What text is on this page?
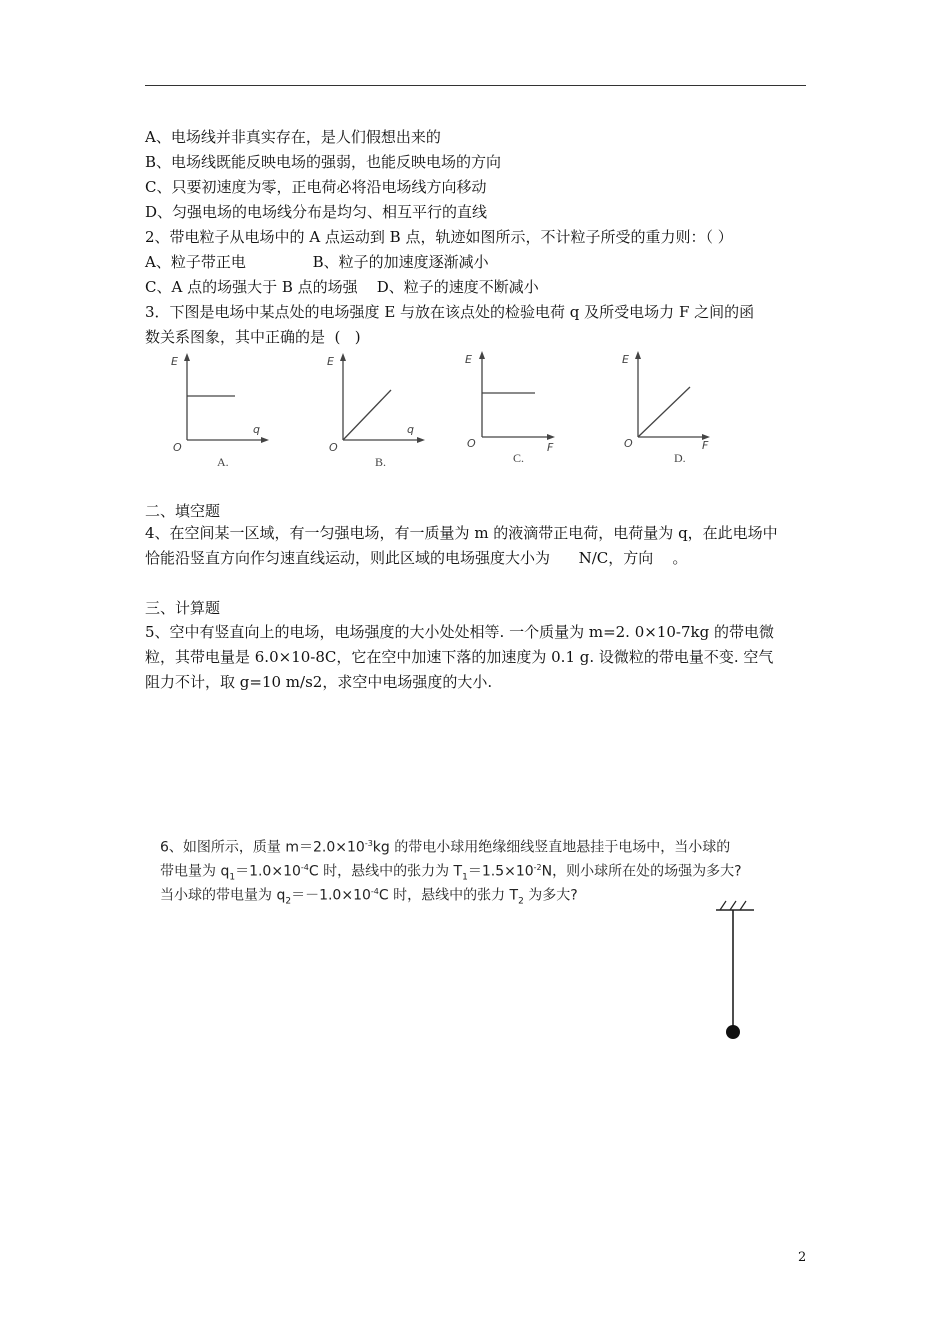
A、电场线并非真实存在，是人们假想出来的
B、电场线既能反映电场的强弱，也能反映电场的方向
C、只要初速度为零，正电荷必将沿电场线方向移动
D、匀强电场的电场线分布是均匀、相互平行的直线
2、带电粒子从电场中的 A 点运动到 B 点，轨迹如图所示，不计粒子所受的重力则：（ ）
A、粒子带正电              B、粒子的加速度逐渐减小
C、A 点的场强大于 B 点的场强    D、粒子的速度不断减小
3．下图是电场中某点处的电场强度 E 与放在该点处的检验电荷 q 及所受电场力 F 之间的函
数关系图象，其中正确的是  (   )
E
q
O
A.
E
q
O
B.
E
F
O
C.
E
F
O
D.
二、填空题
4、在空间某一区域，有一匀强电场，有一质量为 m 的液滴带正电荷，电荷量为 q，在此电场中
恰能沿竖直方向作匀速直线运动，则此区域的电场强度大小为      N/C，方向    。
三、计算题
5、空中有竖直向上的电场，电场强度的大小处处相等. 一个质量为 m=2. 0×10-7kg 的带电微
粒，其带电量是 6.0×10-8C，它在空中加速下落的加速度为 0.1 g. 设微粒的带电量不变. 空气
阻力不计，取 g=10 m/s2，求空中电场强度的大小.
6、如图所示，质量 $m=2.0\times 10^{-3}kg$ 的带电小球用绝缘细线竖直地悬挂于电场中，当小球的
带电量为 $q_1=1.0\times 10^{-4}C$ 时，悬线中的张力为 $T_1=1.5\times 10^{-2}N$，则小球所在处的场强为多大?
当小球的带电量为 $q_2=-1.0\times 10^{-4}C$ 时，悬线中的张力 $T_2$ 为多大?
2
